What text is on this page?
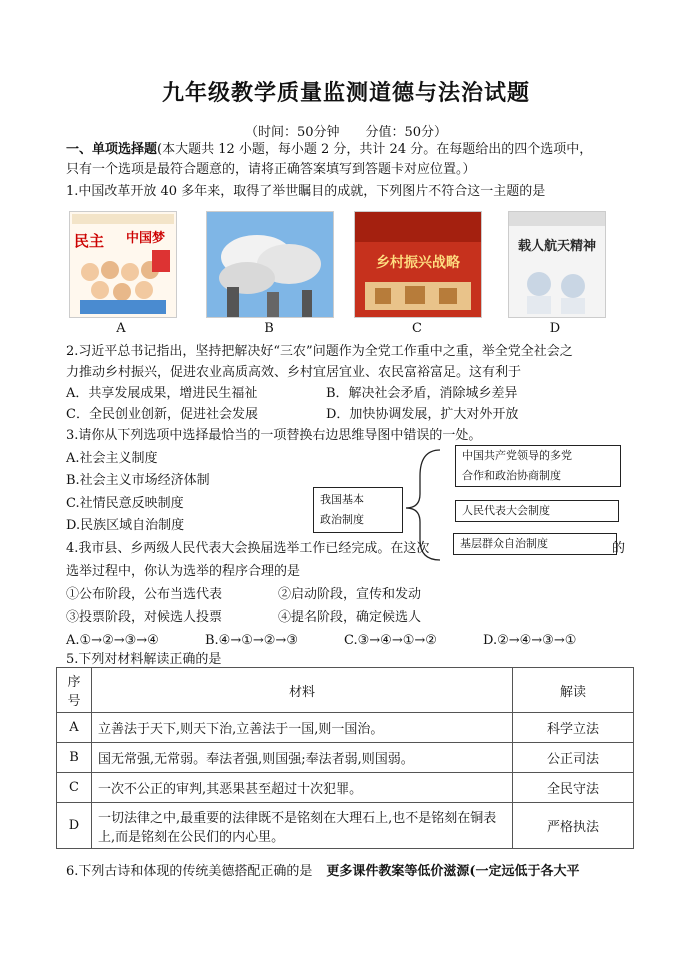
九年级教学质量监测道德与法治试题
（时间：50分钟　　分值：50分）
一、单项选择题(本大题共 12 小题，每小题 2 分，共计 24 分。在每题给出的四个选项中，
只有一个选项是最符合题意的，请将正确答案填写到答题卡对应位置。）
1.中国改革开放 40 多年来，取得了举世瞩目的成就，下列图片不符合这一主题的是
民主 中国梦
乡村振兴战略
载人航天精神
A	B	C	D
2.习近平总书记指出，坚持把解决好“三农”问题作为全党工作重中之重，举全党全社会之
力推动乡村振兴，促进农业高质高效、乡村宜居宜业、农民富裕富足。这有利于
A．共享发展成果，增进民生福祉	B．解决社会矛盾，消除城乡差异
C．全民创业创新，促进社会发展	D．加快协调发展，扩大对外开放
3.请你从下列选项中选择最恰当的一项替换右边思维导图中错误的一处。
A.社会主义制度
B.社会主义市场经济体制
C.社情民意反映制度
D.民族区域自治制度
我国基本
政治制度
中国共产党领导的多党
合作和政治协商制度
人民代表大会制度
基层群众自治制度
4.我市县、乡两级人民代表大会换届选举工作已经完成。在这次	的
选举过程中，你认为选举的程序合理的是
①公布阶段，公布当选代表	②启动阶段，宣传和发动
③投票阶段，对候选人投票	④提名阶段，确定候选人
A.①→②→③→④	B.④→①→②→③	C.③→④→①→②	D.②→④→③→①
5.下列对材料解读正确的是
序号	材料	解读
A	立善法于天下,则天下治,立善法于一国,则一国治。	科学立法
B	国无常强,无常弱。奉法者强,则国强;奉法者弱,则国弱。	公正司法
C	一次不公正的审判,其恶果甚至超过十次犯罪。	全民守法
D	一切法律之中,最重要的法律既不是铭刻在大理石上,也不是铭刻在铜表上,而是铭刻在公民们的内心里。	严格执法
6.下列古诗和体现的传统美德搭配正确的是 更多课件教案等低价滋源(一定远低于各大平
